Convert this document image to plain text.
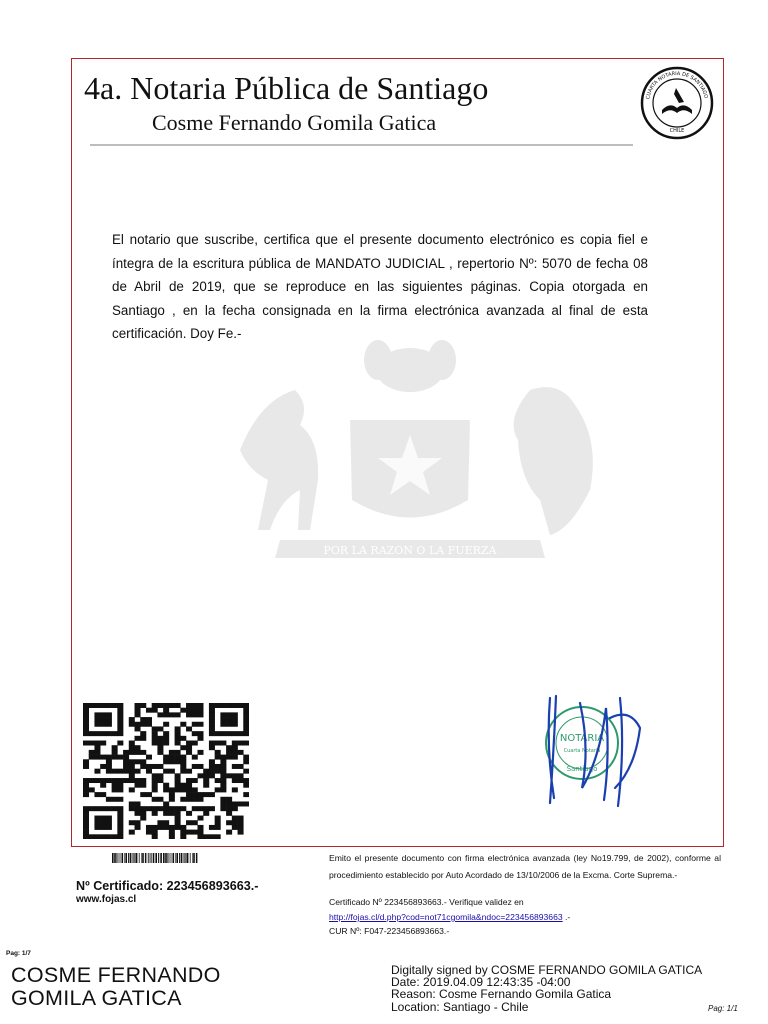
4a. Notaria Pública de Santiago
Cosme Fernando Gomila Gatica
CUARTA NOTARIA DE SANTIAGO
CHILE
POR LA RAZON O LA FUERZA

El notario que suscribe, certifica que el presente documento electrónico es copia fiel e íntegra de la escritura pública de MANDATO JUDICIAL , repertorio Nº: 5070 de fecha 08 de Abril de 2019, que se reproduce en las siguientes páginas. Copia otorgada en Santiago , en la fecha consignada en la firma electrónica avanzada al final de esta certificación. Doy Fe.-

NOTARIA
Cuarta Notaria
Santiago
Nº Certificado: 223456893663.-
www.fojas.cl

Emito el presente documento con firma electrónica avanzada (ley No19.799, de 2002), conforme al procedimiento establecido por Auto Acordado de 13/10/2006 de la Excma. Corte Suprema.-

Certificado Nº 223456893663.- Verifique validez en
http://fojas.cl/d.php?cod=not71cgomila&ndoc=223456893663 .-
CUR Nº: F047-223456893663.-
Pag: 1/7
COSME FERNANDO
GOMILA GATICA
Digitally signed by COSME FERNANDO GOMILA GATICA
Date: 2019.04.09 12:43:35 -04:00
Reason: Cosme Fernando Gomila Gatica
Location: Santiago - Chile	Pag: 1/1
